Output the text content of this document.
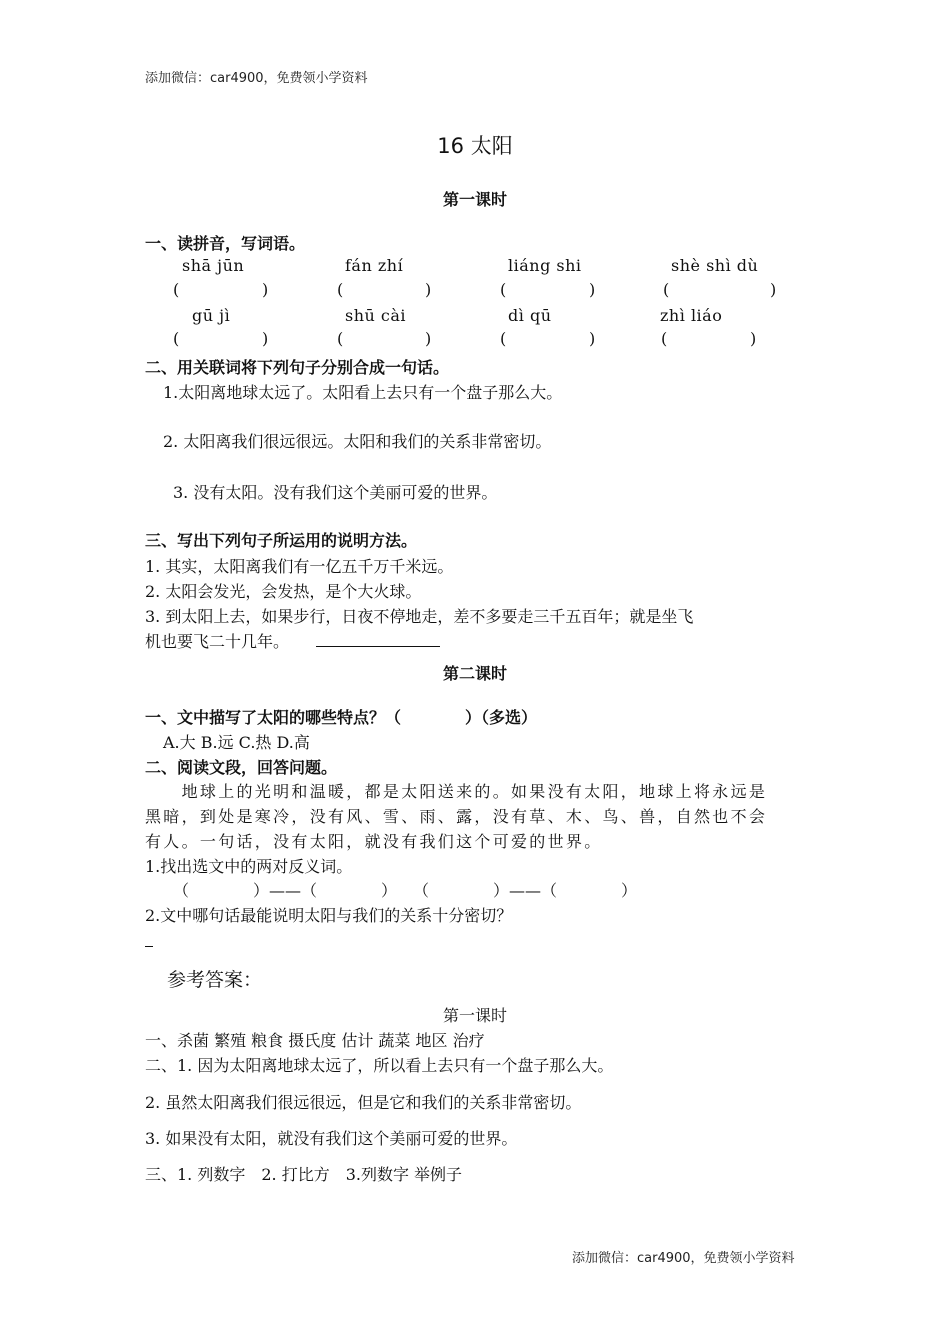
添加微信：car4900，免费领小学资料
16 太阳
第一课时
一、读拼音，写词语。
shā jūn	fán zhí	liáng shi	shè shì dù
(	)	(	)	(	)	(	)
gū jì	shū cài	dì qū	zhì liáo
(	)	(	)	(	)	(	)
二、用关联词将下列句子分别合成一句话。
1.太阳离地球太远了。太阳看上去只有一个盘子那么大。
2. 太阳离我们很远很远。太阳和我们的关系非常密切。
3. 没有太阳。没有我们这个美丽可爱的世界。
三、写出下列句子所运用的说明方法。
1. 其实，太阳离我们有一亿五千万千米远。
2. 太阳会发光，会发热，是个大火球。
3. 到太阳上去，如果步行，日夜不停地走，差不多要走三千五百年；就是坐飞
机也要飞二十几年。
第二课时
一、文中描写了太阳的哪些特点？（　　　　）（多选）
A.大 B.远 C.热 D.高
二、阅读文段，回答问题。
　　地球上的光明和温暖，都是太阳送来的。如果没有太阳，地球上将永远是
黑暗，到处是寒冷，没有风、雪、雨、露，没有草、木、鸟、兽，自然也不会
有人。一句话，没有太阳，就没有我们这个可爱的世界。
1.找出选文中的两对反义词。
（　　　　）——（　　　　）　　（　　　　）——（　　　　）
2.文中哪句话最能说明太阳与我们的关系十分密切？
参考答案：
第一课时
一、杀菌 繁殖 粮食 摄氏度 估计 蔬菜 地区 治疗
二、1. 因为太阳离地球太远了，所以看上去只有一个盘子那么大。
2. 虽然太阳离我们很远很远，但是它和我们的关系非常密切。
3. 如果没有太阳，就没有我们这个美丽可爱的世界。
三、1. 列数字　2. 打比方　3.列数字 举例子
添加微信：car4900，免费领小学资料
